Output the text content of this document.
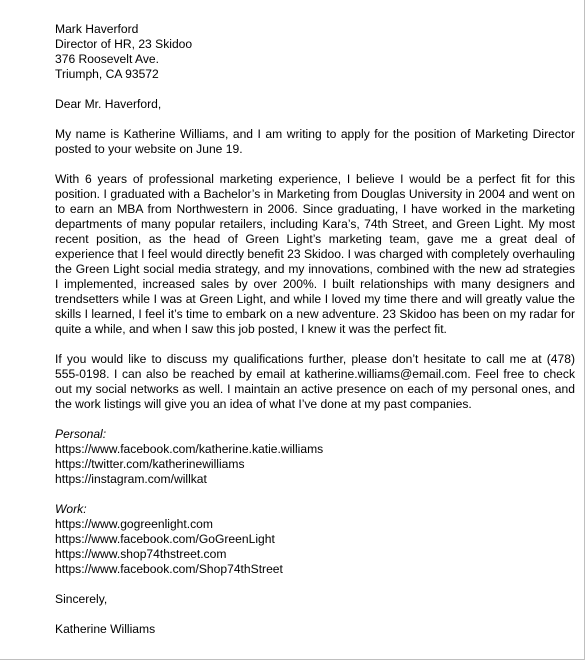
Mark Haverford
Director of HR, 23 Skidoo
376 Roosevelt Ave.
Triumph, CA 93572
Dear Mr. Haverford,
My name is Katherine Williams, and I am writing to apply for the position of Marketing Director
posted to your website on June 19.
With 6 years of professional marketing experience, I believe I would be a perfect fit for this
position. I graduated with a Bachelor’s in Marketing from Douglas University in 2004 and went on
to earn an MBA from Northwestern in 2006. Since graduating, I have worked in the marketing
departments of many popular retailers, including Kara’s, 74th Street, and Green Light. My most
recent position, as the head of Green Light’s marketing team, gave me a great deal of
experience that I feel would directly benefit 23 Skidoo. I was charged with completely overhauling
the Green Light social media strategy, and my innovations, combined with the new ad strategies
I implemented, increased sales by over 200%. I built relationships with many designers and
trendsetters while I was at Green Light, and while I loved my time there and will greatly value the
skills I learned, I feel it’s time to embark on a new adventure. 23 Skidoo has been on my radar for
quite a while, and when I saw this job posted, I knew it was the perfect fit.
If you would like to discuss my qualifications further, please don’t hesitate to call me at (478)
555-0198. I can also be reached by email at katherine.williams@email.com. Feel free to check
out my social networks as well. I maintain an active presence on each of my personal ones, and
the work listings will give you an idea of what I’ve done at my past companies.
Personal:
https://www.facebook.com/katherine.katie.williams
https://twitter.com/katherinewilliams
https://instagram.com/willkat
Work:
https://www.gogreenlight.com
https://www.facebook.com/GoGreenLight
https://www.shop74thstreet.com
https://www.facebook.com/Shop74thStreet
Sincerely,
Katherine Williams
